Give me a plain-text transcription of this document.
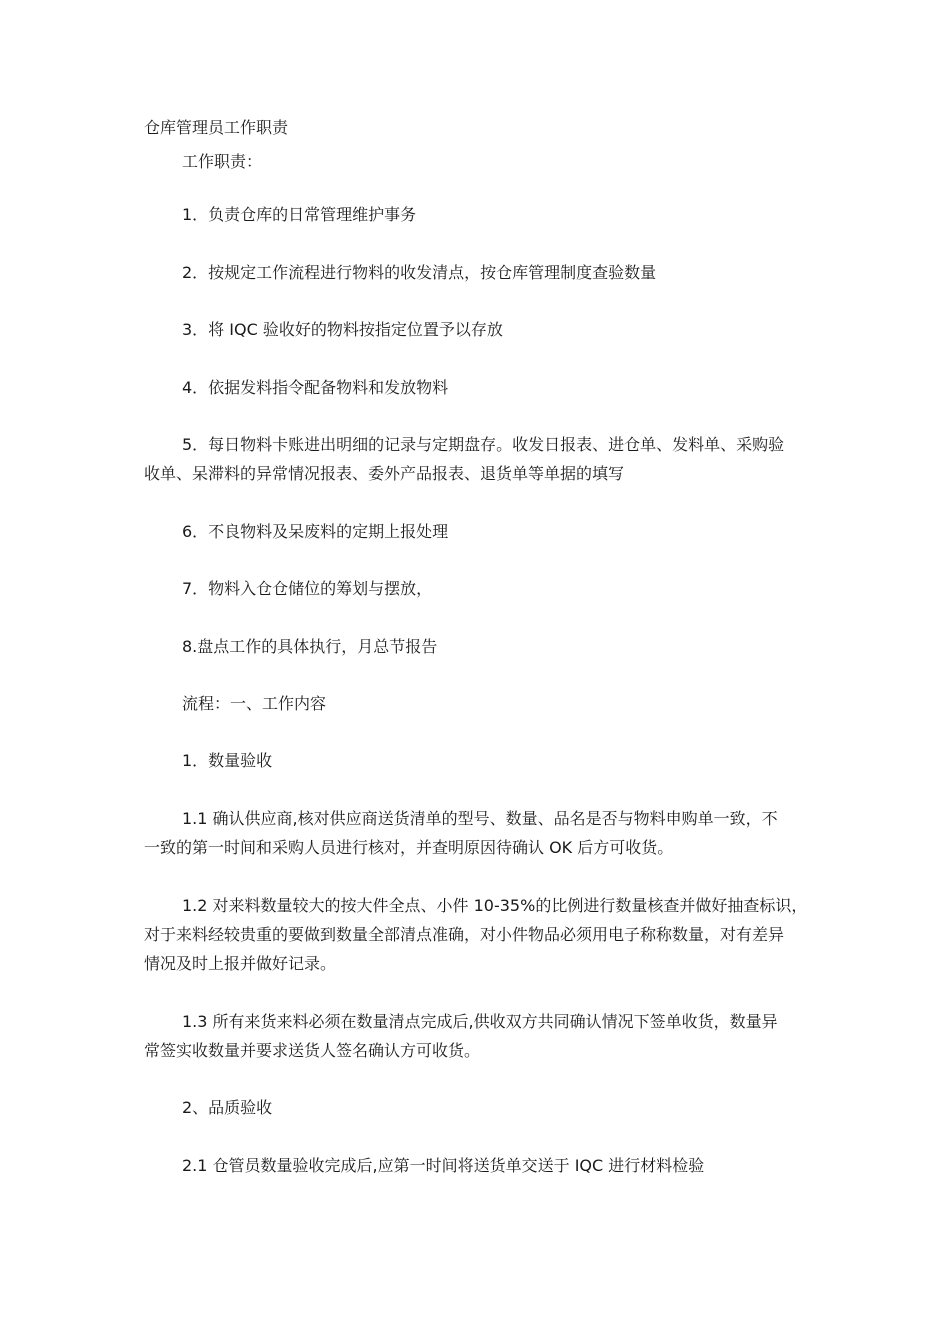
仓库管理员工作职责
工作职责：
1．负责仓库的日常管理维护事务
2．按规定工作流程进行物料的收发清点，按仓库管理制度查验数量
3．将 IQC 验收好的物料按指定位置予以存放
4．依据发料指令配备物料和发放物料
5．每日物料卡账进出明细的记录与定期盘存。收发日报表、进仓单、发料单、采购验
收单、呆滞料的异常情况报表、委外产品报表、退货单等单据的填写
6．不良物料及呆废料的定期上报处理
7．物料入仓仓储位的筹划与摆放，
8.盘点工作的具体执行，月总节报告
流程：一、工作内容
1．数量验收
1.1 确认供应商,核对供应商送货清单的型号、数量、品名是否与物料申购单一致，不
一致的第一时间和采购人员进行核对，并查明原因待确认 OK 后方可收货。
1.2 对来料数量较大的按大件全点、小件 10-35%的比例进行数量核查并做好抽查标识，
对于来料经较贵重的要做到数量全部清点准确，对小件物品必须用电子称称数量，对有差异
情况及时上报并做好记录。
1.3 所有来货来料必须在数量清点完成后,供收双方共同确认情况下签单收货，数量异
常签实收数量并要求送货人签名确认方可收货。
2、品质验收
2.1 仓管员数量验收完成后,应第一时间将送货单交送于 IQC 进行材料检验
